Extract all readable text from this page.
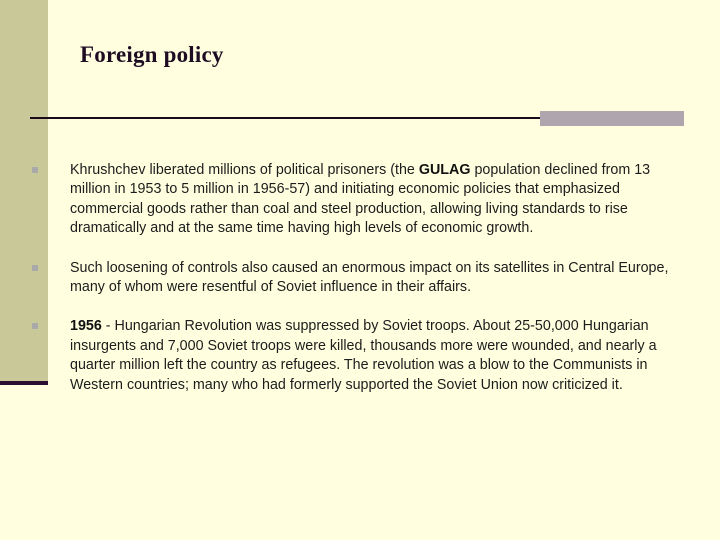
Foreign policy
Khrushchev liberated millions of political prisoners (the GULAG population declined from 13 million in 1953 to 5 million in 1956-57) and initiating economic policies that emphasized commercial goods rather than coal and steel production, allowing living standards to rise dramatically and at the same time having high levels of economic growth.
Such loosening of controls also caused an enormous impact on its satellites in Central Europe, many of whom were resentful of Soviet influence in their affairs.
1956 - Hungarian Revolution was suppressed by Soviet troops. About 25-50,000 Hungarian insurgents and 7,000 Soviet troops were killed, thousands more were wounded, and nearly a quarter million left the country as refugees. The revolution was a blow to the Communists in Western countries; many who had formerly supported the Soviet Union now criticized it.
